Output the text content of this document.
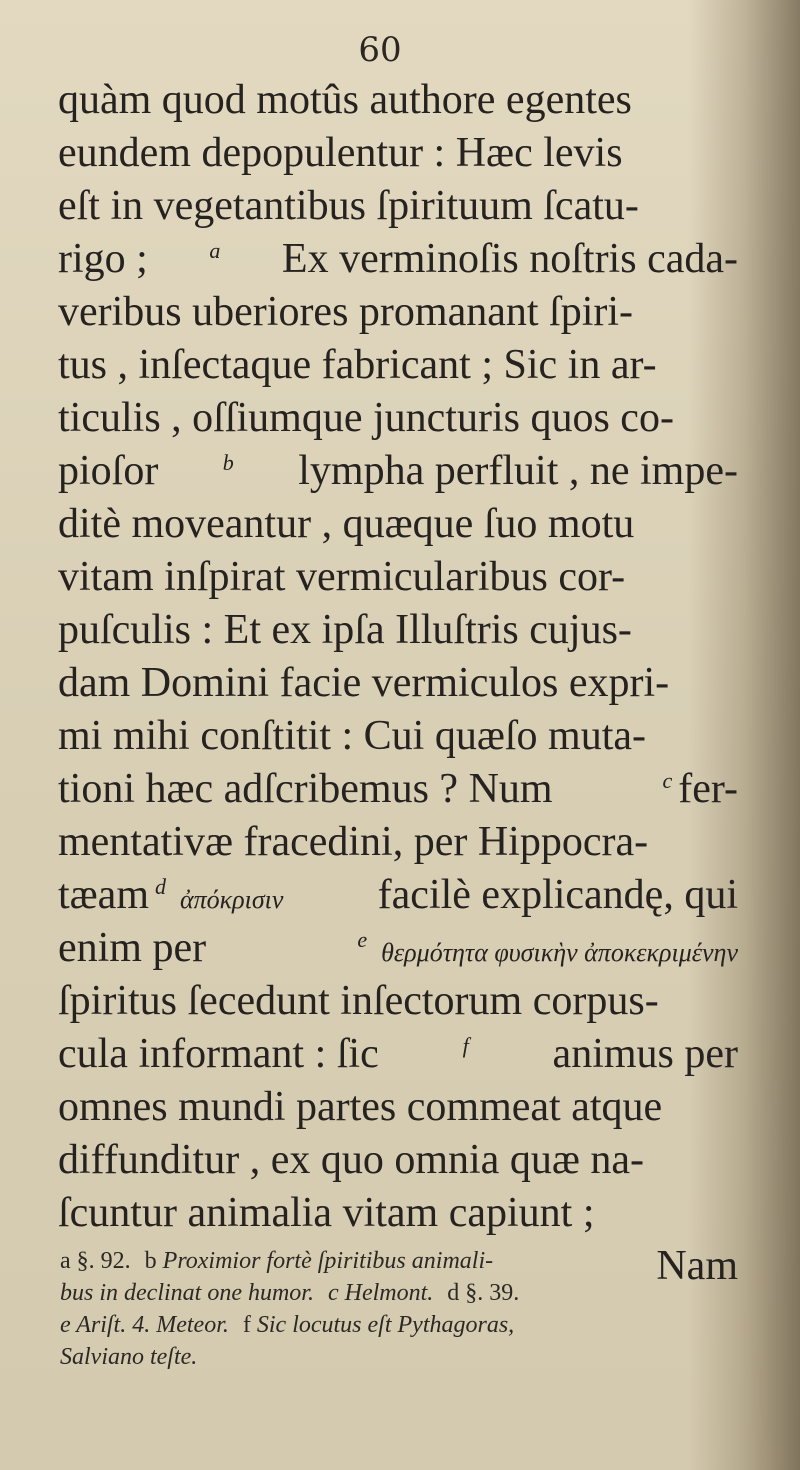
60
quàm quod motûs authore egentes
eundem depopulentur : Hæc levis
eſt in vegetantibus ſpirituum ſcatu-
rigo ;	a Ex verminoſis noſtris cada-
veribus uberiores promanant ſpiri-
tus , inſectaque fabricant ; Sic in ar-
ticulis , oſſiumque juncturis quos co-
pioſor	b lympha perfluit , ne impe-
ditè moveantur , quæque ſuo motu
vitam inſpirat vermicularibus cor-
puſculis : Et ex ipſa Illuſtris cujus-
dam Domini facie vermiculos expri-
mi mihi conſtitit : Cui quæſo muta-
tioni hæc adſcribemus ? Num	$^c$ fer-
mentativæ fracedini, per Hippocra-
tæam $^d$ ἀπόκρισιν facilè explicandę, qui
enim per	$^e$ θερμότητα φυσικὴν ἀποκεκριμένην
ſpiritus ſecedunt inſectorum corpus-
cula informant : ſic	f animus per
omnes mundi partes commeat atque
diffunditur , ex quo omnia quæ na-
ſcuntur animalia vitam capiunt ;
Nam
a §. 92. b Proximior fortè ſpiritibus animali-
bus in declinat one humor. c Helmont. d §. 39.
e Ariſt. 4. Meteor. f Sic locutus eſt Pythagoras,
Salviano teſte.
